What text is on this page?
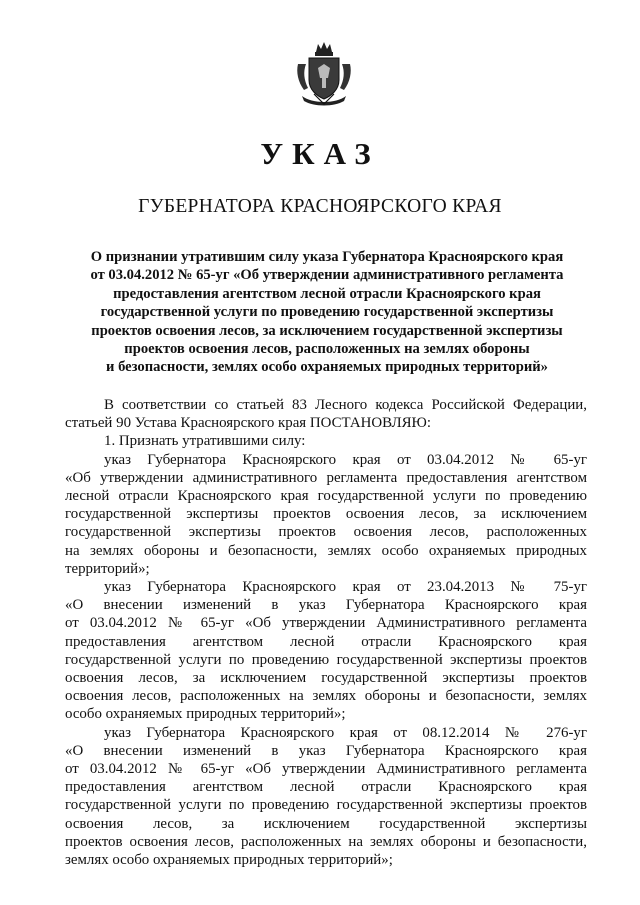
УКАЗ
ГУБЕРНАТОРА КРАСНОЯРСКОГО КРАЯ
О признании утратившим силу указа Губернатора Красноярского края
от 03.04.2012 № 65-уг «Об утверждении административного регламента
предоставления агентством лесной отрасли Красноярского края
государственной услуги по проведению государственной экспертизы
проектов освоения лесов, за исключением государственной экспертизы
проектов освоения лесов, расположенных на землях обороны
и безопасности, землях особо охраняемых природных территорий»
В соответствии со статьей 83 Лесного кодекса Российской Федерации,
статьей 90 Устава Красноярского края ПОСТАНОВЛЯЮ:
1. Признать утратившими силу:
указ Губернатора Красноярского края от 03.04.2012 № 65-уг
«Об утверждении административного регламента предоставления агентством
лесной отрасли Красноярского края государственной услуги по проведению
государственной экспертизы проектов освоения лесов, за исключением
государственной экспертизы проектов освоения лесов, расположенных
на землях обороны и безопасности, землях особо охраняемых природных
территорий»;
указ Губернатора Красноярского края от 23.04.2013 № 75-уг
«О внесении изменений в указ Губернатора Красноярского края
от 03.04.2012 № 65-уг «Об утверждении Административного регламента
предоставления агентством лесной отрасли Красноярского края
государственной услуги по проведению государственной экспертизы проектов
освоения лесов, за исключением государственной экспертизы проектов
освоения лесов, расположенных на землях обороны и безопасности, землях
особо охраняемых природных территорий»;
указ Губернатора Красноярского края от 08.12.2014 № 276-уг
«О внесении изменений в указ Губернатора Красноярского края
от 03.04.2012 № 65-уг «Об утверждении Административного регламента
предоставления агентством лесной отрасли Красноярского края
государственной услуги по проведению государственной экспертизы проектов
освоения лесов, за исключением государственной экспертизы
проектов освоения лесов, расположенных на землях обороны и безопасности,
землях особо охраняемых природных территорий»;
